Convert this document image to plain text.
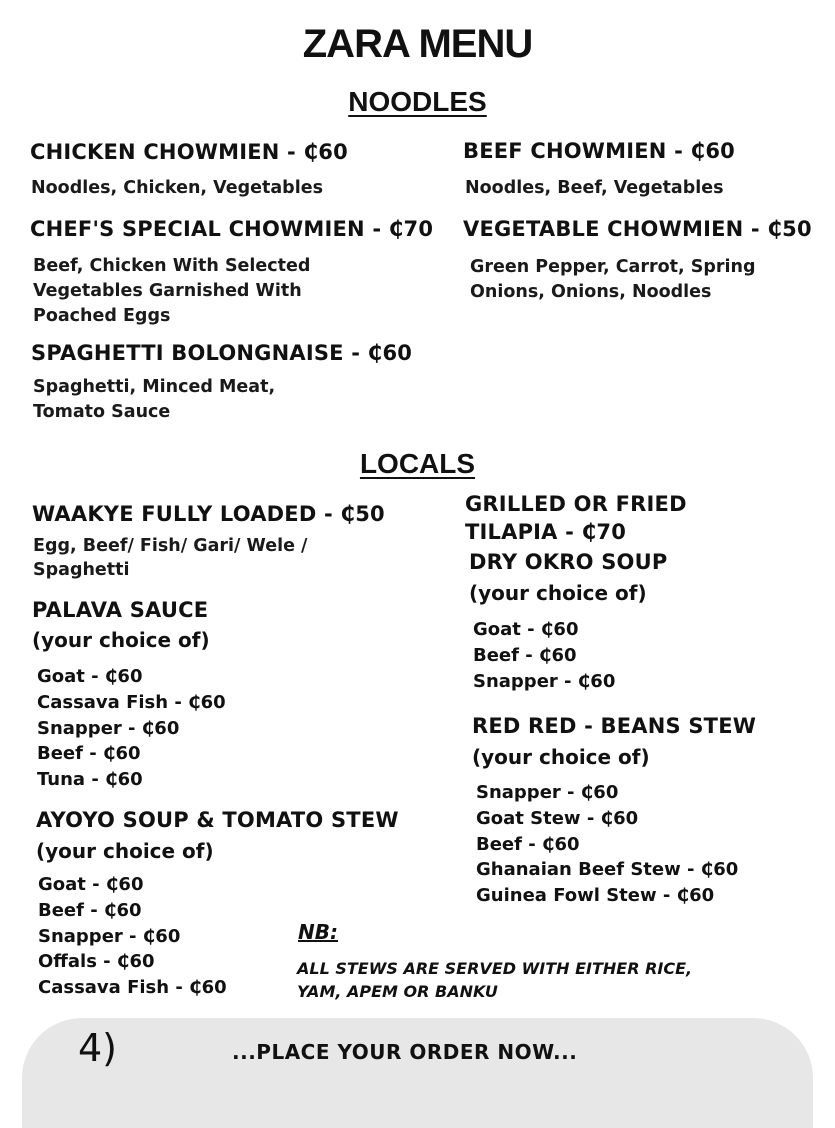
ZARA MENU
NOODLES
CHICKEN CHOWMIEN - ₵60
Noodles, Chicken, Vegetables
CHEF'S SPECIAL CHOWMIEN - ₵70
Beef, Chicken With Selected
Vegetables Garnished With
Poached Eggs
SPAGHETTI BOLONGNAISE - ₵60
Spaghetti, Minced Meat,
Tomato Sauce
BEEF CHOWMIEN - ₵60
Noodles, Beef, Vegetables
VEGETABLE CHOWMIEN - ₵50
Green Pepper, Carrot, Spring
Onions, Onions, Noodles
LOCALS
WAAKYE FULLY LOADED - ₵50
Egg, Beef/ Fish/ Gari/ Wele /
Spaghetti
PALAVA SAUCE
(your choice of)
Goat - ₵60
Cassava Fish - ₵60
Snapper - ₵60
Beef - ₵60
Tuna - ₵60
AYOYO SOUP & TOMATO STEW
(your choice of)
Goat - ₵60
Beef - ₵60
Snapper - ₵60
Offals - ₵60
Cassava Fish - ₵60
GRILLED OR FRIED
TILAPIA - ₵70
DRY OKRO SOUP
(your choice of)
Goat - ₵60
Beef - ₵60
Snapper - ₵60
RED RED - BEANS STEW
(your choice of)
Snapper - ₵60
Goat Stew - ₵60
Beef - ₵60
Ghanaian Beef Stew - ₵60
Guinea Fowl Stew - ₵60
NB:
ALL STEWS ARE SERVED WITH EITHER RICE,
YAM, APEM OR BANKU
4)	...PLACE YOUR ORDER NOW...
